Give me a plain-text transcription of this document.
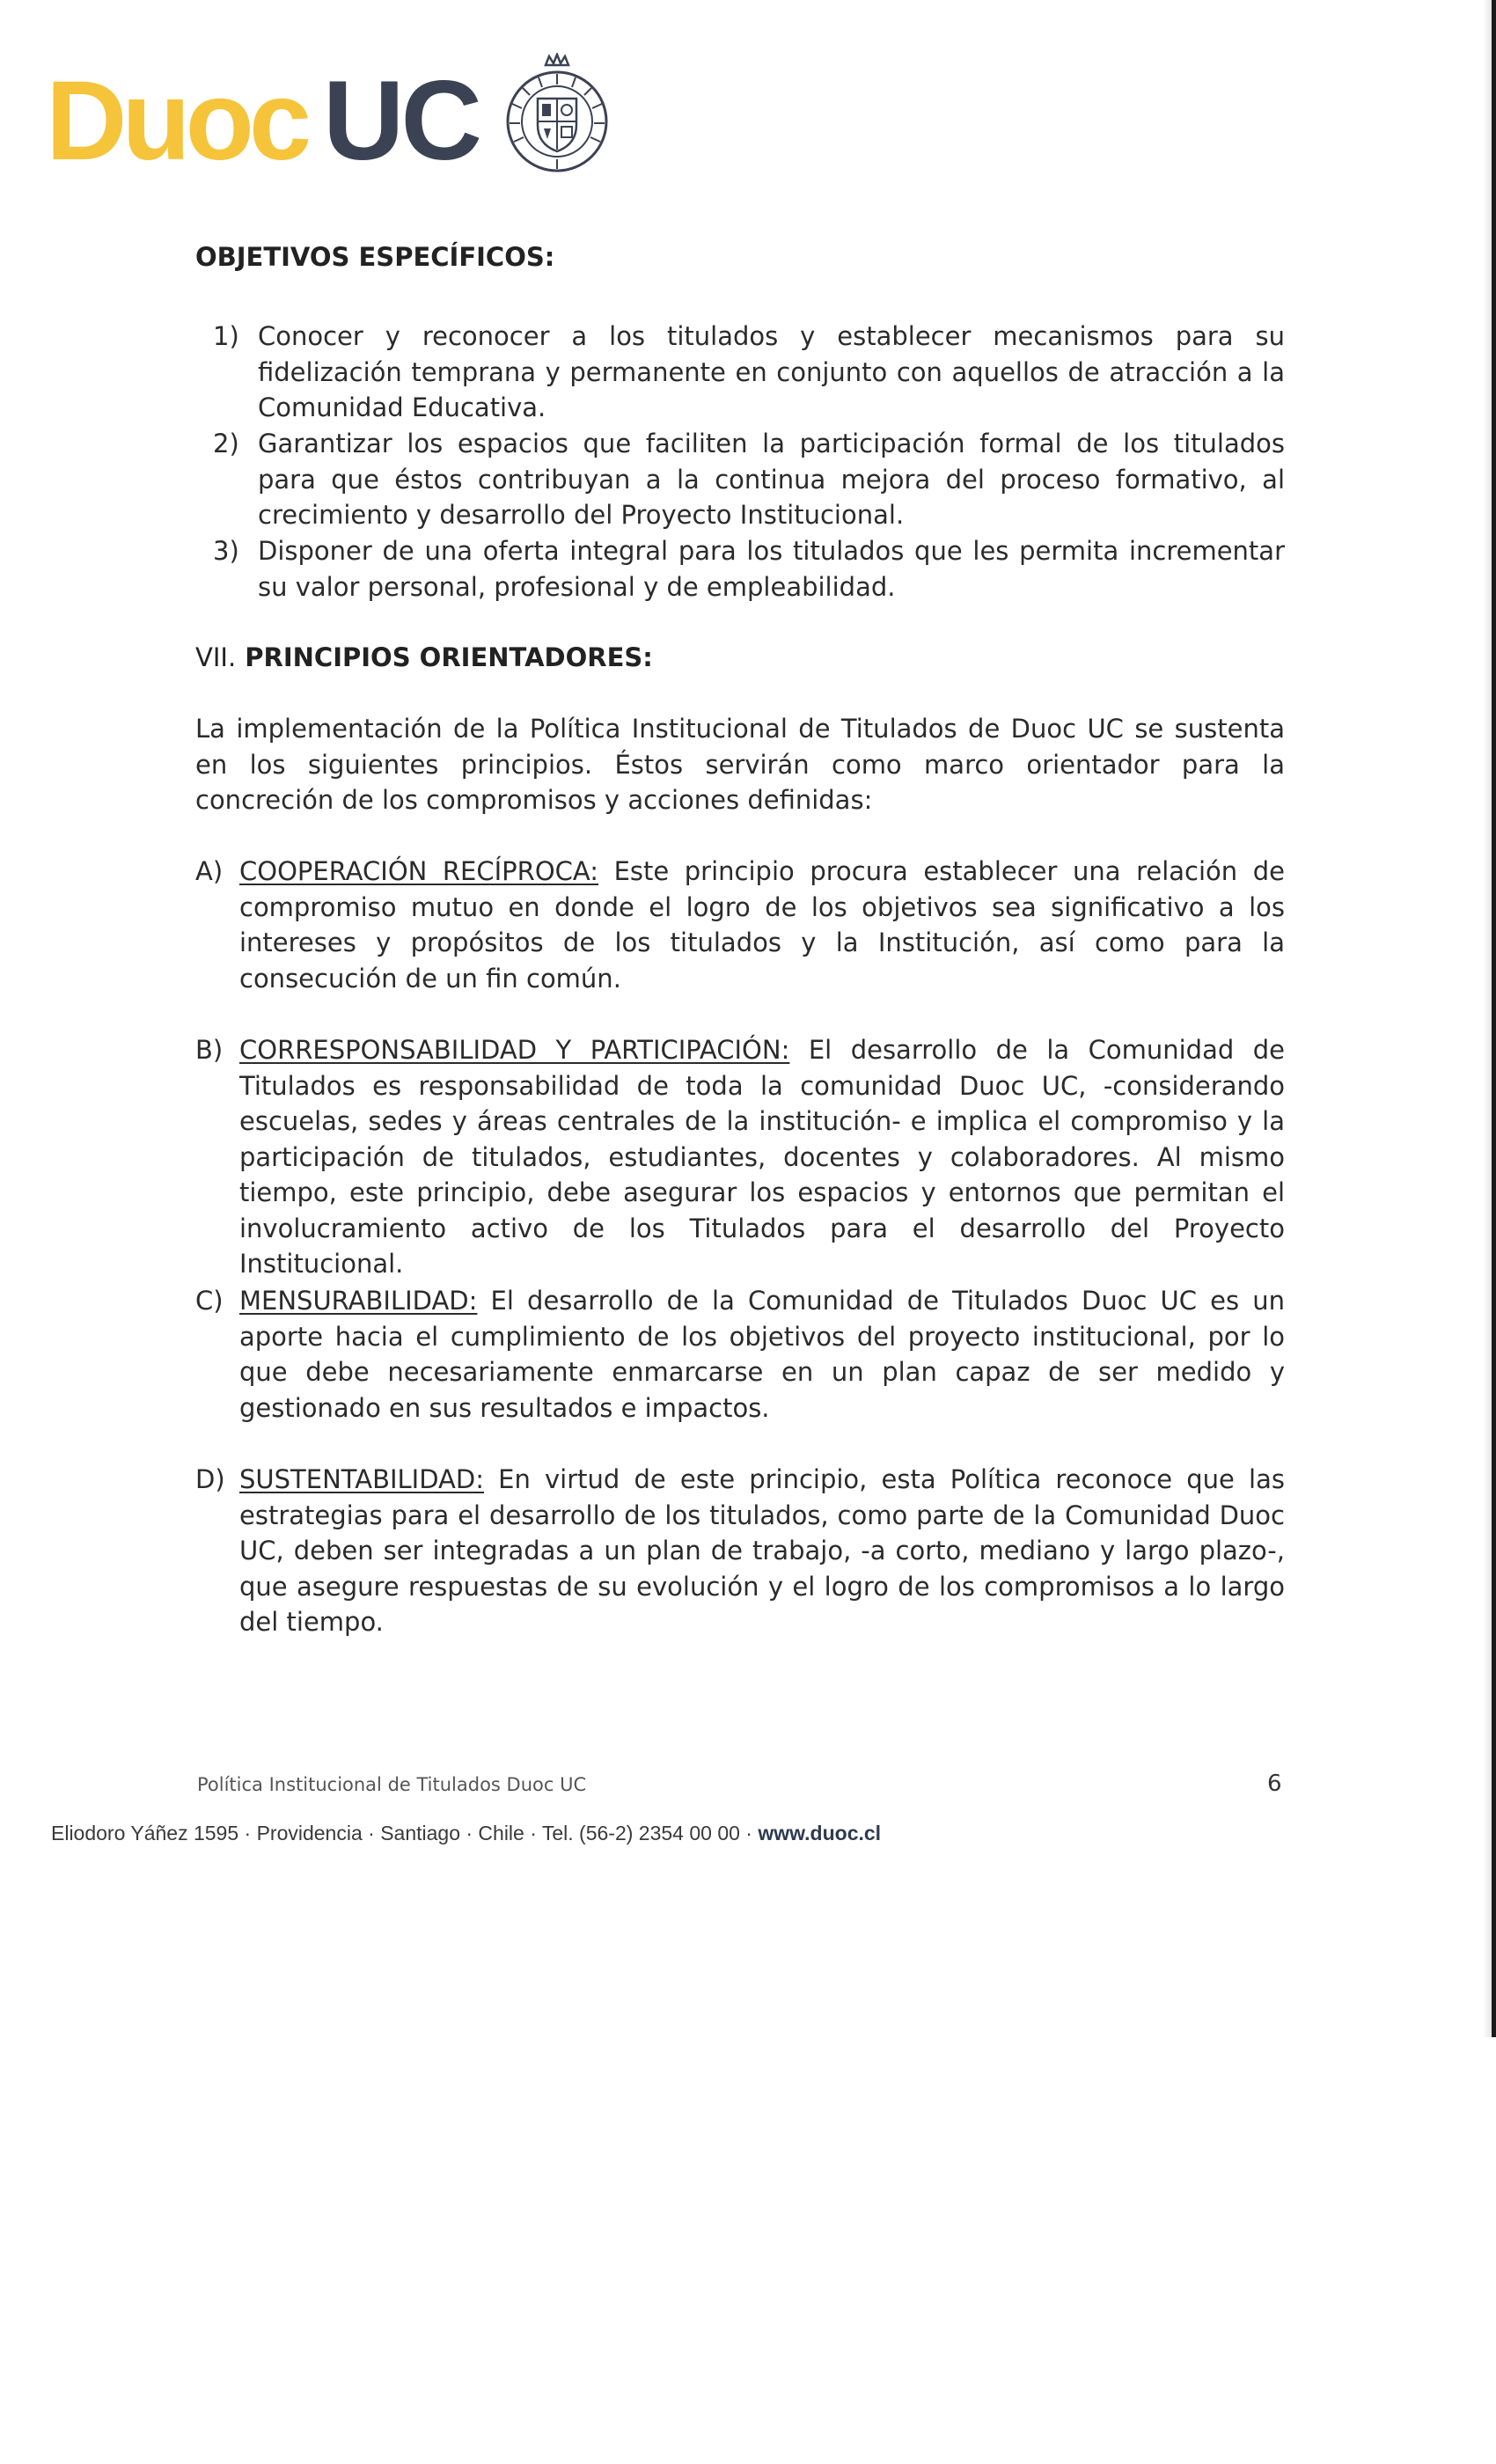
Duoc UC
OBJETIVOS ESPECÍFICOS:
1) Conocer y reconocer a los titulados y establecer mecanismos para su fidelización temprana y permanente en conjunto con aquellos de atracción a la Comunidad Educativa.
2) Garantizar los espacios que faciliten la participación formal de los titulados para que éstos contribuyan a la continua mejora del proceso formativo, al crecimiento y desarrollo del Proyecto Institucional.
3) Disponer de una oferta integral para los titulados que les permita incrementar su valor personal, profesional y de empleabilidad.
VII. PRINCIPIOS ORIENTADORES:
La implementación de la Política Institucional de Titulados de Duoc UC se sustenta en los siguientes principios. Éstos servirán como marco orientador para la concreción de los compromisos y acciones definidas:
A) COOPERACIÓN RECÍPROCA: Este principio procura establecer una relación de compromiso mutuo en donde el logro de los objetivos sea significativo a los intereses y propósitos de los titulados y la Institución, así como para la consecución de un fin común.
B) CORRESPONSABILIDAD Y PARTICIPACIÓN: El desarrollo de la Comunidad de Titulados es responsabilidad de toda la comunidad Duoc UC, -considerando escuelas, sedes y áreas centrales de la institución- e implica el compromiso y la participación de titulados, estudiantes, docentes y colaboradores. Al mismo tiempo, este principio, debe asegurar los espacios y entornos que permitan el involucramiento activo de los Titulados para el desarrollo del Proyecto Institucional.
C) MENSURABILIDAD: El desarrollo de la Comunidad de Titulados Duoc UC es un aporte hacia el cumplimiento de los objetivos del proyecto institucional, por lo que debe necesariamente enmarcarse en un plan capaz de ser medido y gestionado en sus resultados e impactos.
D) SUSTENTABILIDAD: En virtud de este principio, esta Política reconoce que las estrategias para el desarrollo de los titulados, como parte de la Comunidad Duoc UC, deben ser integradas a un plan de trabajo, -a corto, mediano y largo plazo-, que asegure respuestas de su evolución y el logro de los compromisos a lo largo del tiempo.
Política Institucional de Titulados Duoc UC	6
Eliodoro Yáñez 1595 · Providencia · Santiago · Chile · Tel. (56-2) 2354 00 00 · www.duoc.cl
